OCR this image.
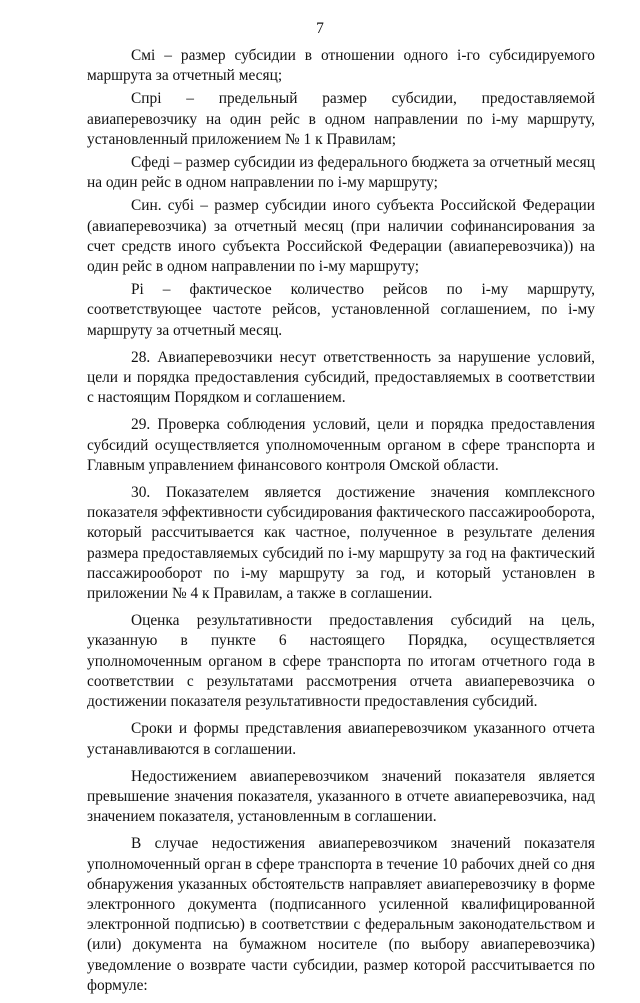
7

Cмі – размер субсидии в отношении одного i-го субсидируемого маршрута за отчетный месяц;

Cпрі – предельный размер субсидии, предоставляемой авиаперевозчику на один рейс в одном направлении по i-му маршруту, установленный приложением № 1 к Правилам;

Cфеді – размер субсидии из федерального бюджета за отчетный месяц на один рейс в одном направлении по i-му маршруту;

Cин. субі – размер субсидии иного субъекта Российской Федерации (авиаперевозчика) за отчетный месяц (при наличии софинансирования за счет средств иного субъекта Российской Федерации (авиаперевозчика)) на один рейс в одном направлении по i-му маршруту;

Pi – фактическое количество рейсов по i-му маршруту, соответствующее частоте рейсов, установленной соглашением, по i-му маршруту за отчетный месяц.

28. Авиаперевозчики несут ответственность за нарушение условий, цели и порядка предоставления субсидий, предоставляемых в соответствии с настоящим Порядком и соглашением.

29. Проверка соблюдения условий, цели и порядка предоставления субсидий осуществляется уполномоченным органом в сфере транспорта и Главным управлением финансового контроля Омской области.

30. Показателем является достижение значения комплексного показателя эффективности субсидирования фактического пассажирооборота, который рассчитывается как частное, полученное в результате деления размера предоставляемых субсидий по i-му маршруту за год на фактический пассажирооборот по i-му маршруту за год, и который установлен в приложении № 4 к Правилам, а также в соглашении.

Оценка результативности предоставления субсидий на цель, указанную в пункте 6 настоящего Порядка, осуществляется уполномоченным органом в сфере транспорта по итогам отчетного года в соответствии с результатами рассмотрения отчета авиаперевозчика о достижении показателя результативности предоставления субсидий.

Сроки и формы представления авиаперевозчиком указанного отчета устанавливаются в соглашении.

Недостижением авиаперевозчиком значений показателя является превышение значения показателя, указанного в отчете авиаперевозчика, над значением показателя, установленным в соглашении.

В случае недостижения авиаперевозчиком значений показателя уполномоченный орган в сфере транспорта в течение 10 рабочих дней со дня обнаружения указанных обстоятельств направляет авиаперевозчику в форме электронного документа (подписанного усиленной квалифицированной электронной подписью) в соответствии с федеральным законодательством и (или) документа на бумажном носителе (по выбору авиаперевозчика) уведомление о возврате части субсидии, размер которой рассчитывается по формуле:
